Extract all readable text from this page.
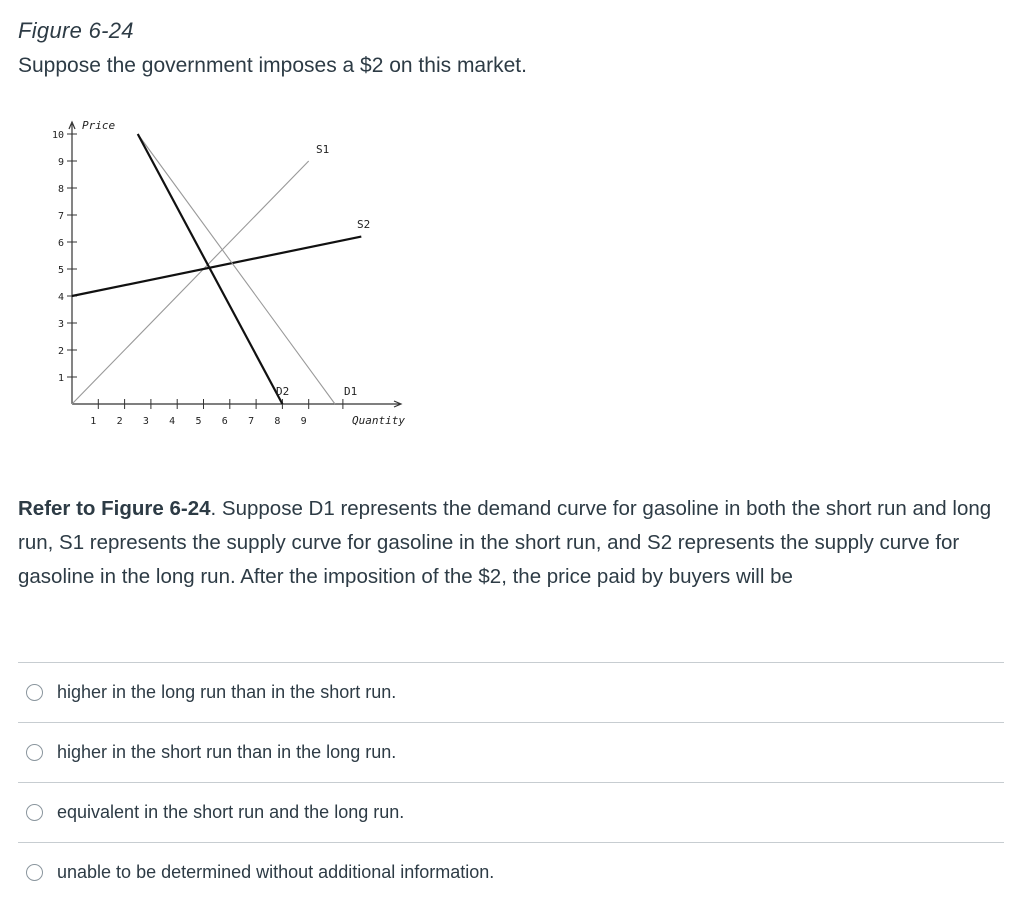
Figure 6-24
Suppose the government imposes a $2 on this market.
1
2
3
4
5
6
7
8
9
10
1 2 3 4 5 6 7 8 9
Price
Quantity
S1
S2
D2	D1
Refer to Figure 6-24. Suppose D1 represents the demand curve for gasoline in both the short run and long run, S1 represents the supply curve for gasoline in the short run, and S2 represents the supply curve for gasoline in the long run. After the imposition of the $2, the price paid by buyers will be
higher in the long run than in the short run.
higher in the short run than in the long run.
equivalent in the short run and the long run.
unable to be determined without additional information.
